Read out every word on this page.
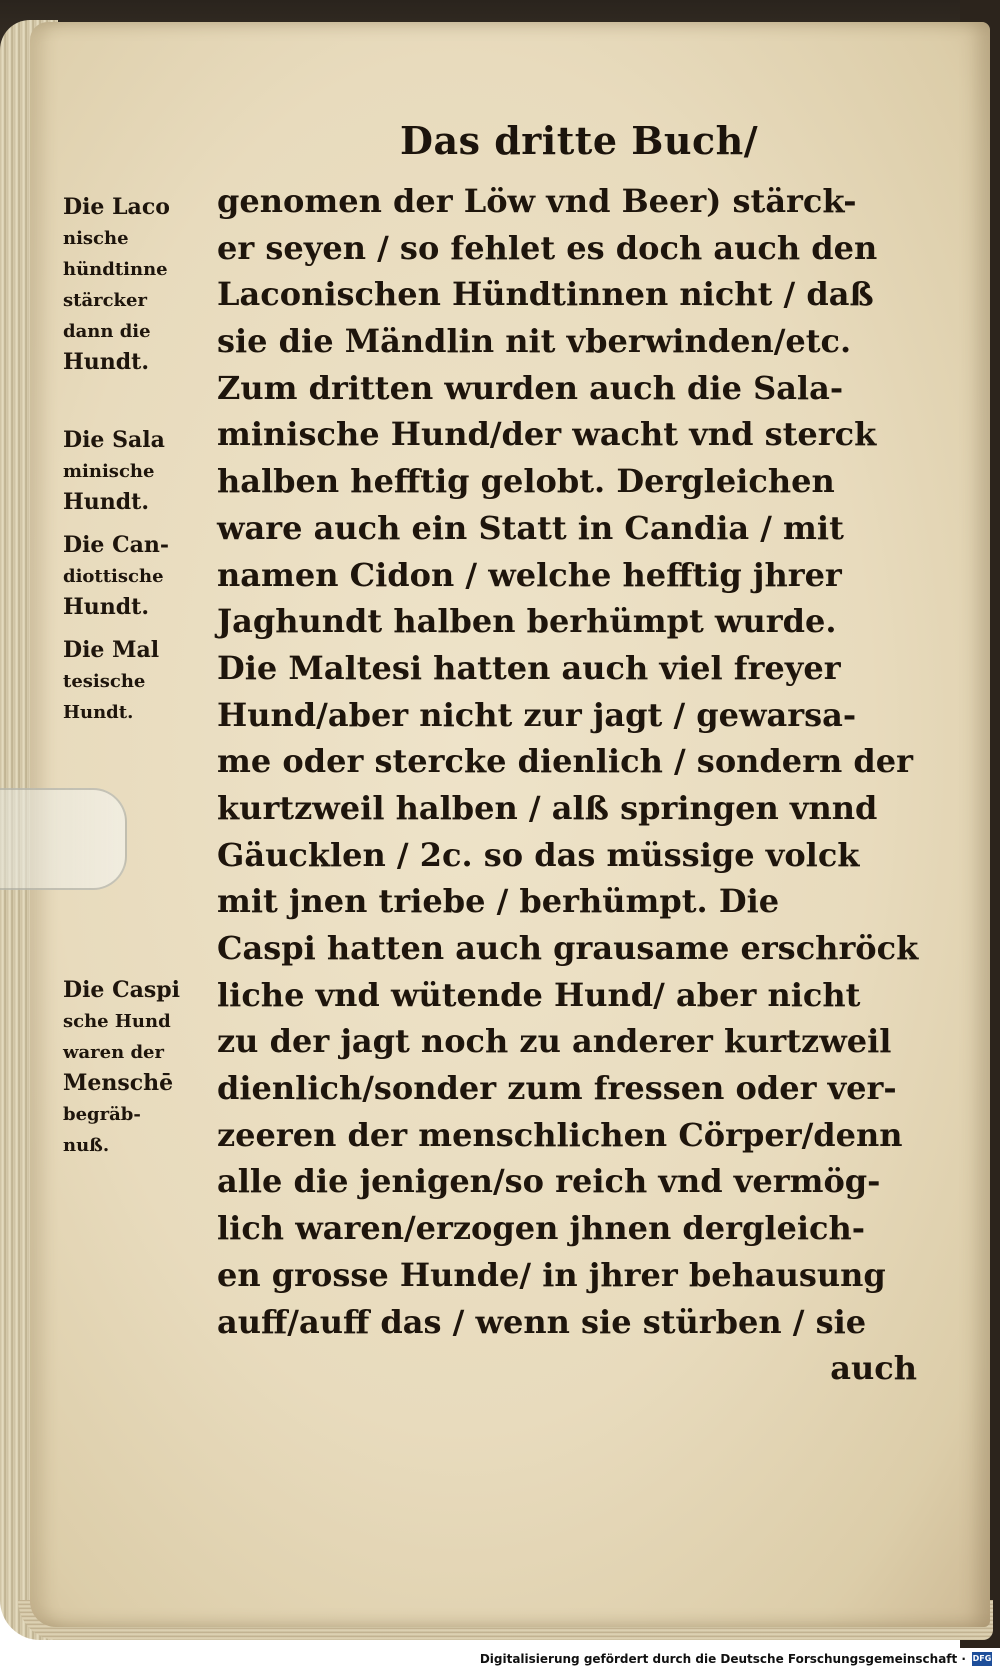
Das dritte Buch/
genomen der Löw vnd Beer) stärck-
er seyen / so fehlet es doch auch den
Laconischen Hündtinnen nicht / daß
sie die Mändlin nit vberwinden/etc.
Zum dritten wurden auch die Sala-
minische Hund/der wacht vnd sterck
halben hefftig gelobt. Dergleichen
ware auch ein Statt in Candia / mit
namen Cidon / welche hefftig jhrer
Jaghundt halben berhümpt wurde.
Die Maltesi hatten auch viel freyer
Hund/aber nicht zur jagt / gewarsa-
me oder stercke dienlich / sondern der
kurtzweil halben / alß springen vnnd
Gäucklen / 2c. so das müssige volck
mit jnen triebe / berhümpt. Die
Caspi hatten auch grausame erschröck
liche vnd wütende Hund/ aber nicht
zu der jagt noch zu anderer kurtzweil
dienlich/sonder zum fressen oder ver-
zeeren der menschlichen Cörper/denn
alle die jenigen/so reich vnd vermög-
lich waren/erzogen jhnen dergleich-
en grosse Hunde/ in jhrer behausung
auff/auff das / wenn sie stürben / sie
auch
Die Laco
nische
hündtinne
stärcker
dann die
Hundt.
Die Sala
minische
Hundt.
Die Can-
diottische
Hundt.
Die Mal
tesische
Hundt.
Die Caspi
sche Hund
waren der
Menschē
begräb-
nuß.
Digitalisierung gefördert durch die Deutsche Forschungsgemeinschaft · DFG
